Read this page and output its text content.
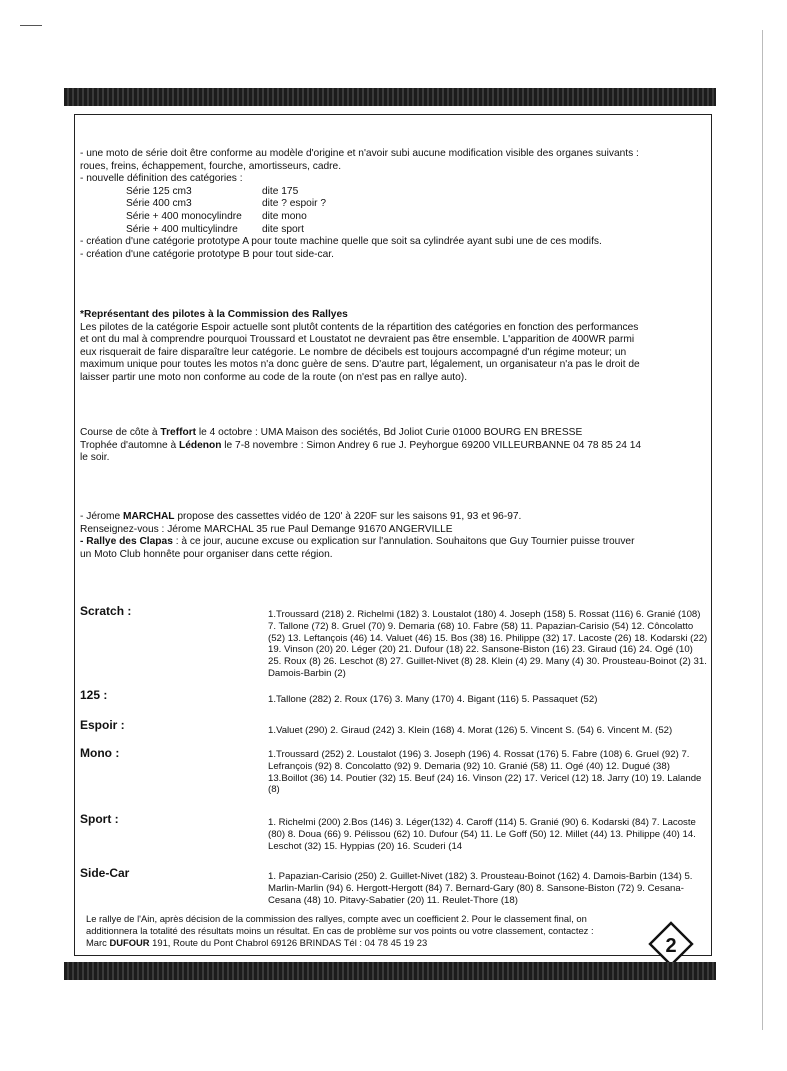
- une moto de série doit être conforme au modèle d'origine et n'avoir subi aucune modification visible des organes suivants :
roues, freins, échappement, fourche, amortisseurs, cadre.
- nouvelle définition des catégories :
Série 125 cm3	dite 175
Série 400 cm3	dite ? espoir ?
Série + 400 monocylindre dite mono
Série + 400 multicylindre dite sport
- création d'une catégorie prototype A pour toute machine quelle que soit sa cylindrée ayant subi une de ces modifs.
- création d'une catégorie prototype B pour tout side-car.
*Représentant des pilotes à la Commission des Rallyes
Les pilotes de la catégorie Espoir actuelle sont plutôt contents de la répartition des catégories en fonction des performances
et ont du mal à comprendre pourquoi Troussard et Loustatot ne devraient pas être ensemble. L'apparition de 400WR parmi
eux risquerait de faire disparaître leur catégorie. Le nombre de décibels est toujours accompagné d'un régime moteur; un
maximum unique pour toutes les motos n'a donc guère de sens. D'autre part, légalement, un organisateur n'a pas le droit de
laisser partir une moto non conforme au code de la route (on n'est pas en rallye auto).
Course de côte à Treffort le 4 octobre : UMA Maison des sociétés, Bd Joliot Curie 01000 BOURG EN BRESSE
Trophée d'automne à Lédenon le 7-8 novembre : Simon Andrey 6 rue J. Peyhorgue 69200 VILLEURBANNE 04 78 85 24 14
le soir.
- Jérome MARCHAL propose des cassettes vidéo de 120' à 220F sur les saisons 91, 93 et 96-97.
Renseignez-vous : Jérome MARCHAL 35 rue Paul Demange 91670 ANGERVILLE
- Rallye des Clapas : à ce jour, aucune excuse ou explication sur l'annulation. Souhaitons que Guy Tournier puisse trouver
un Moto Club honnête pour organiser dans cette région.
Scratch :	1.Troussard (218) 2. Richelmi (182) 3. Loustalot (180) 4. Joseph (158) 5. Rossat (116) 6. Granié (108) 7. Tallone (72) 8. Gruel (70) 9. Demaria (68) 10. Fabre (58) 11. Papazian-Carisio (54) 12. Côncolatto (52) 13. Leftançois (46) 14. Valuet (46) 15. Bos (38) 16. Philippe (32) 17. Lacoste (26) 18. Kodarski (22) 19. Vinson (20) 20. Léger (20) 21. Dufour (18) 22. Sansone-Biston (16) 23. Giraud (16) 24. Ogé (10) 25. Roux (8) 26. Leschot (8) 27. Guillet-Nivet (8) 28. Klein (4) 29. Many (4) 30. Prousteau-Boinot (2) 31. Damois-Barbin (2)
125 :	1.Tallone (282) 2. Roux (176) 3. Many (170) 4. Bigant (116) 5. Passaquet (52)
Espoir :	1.Valuet (290) 2. Giraud (242) 3. Klein (168) 4. Morat (126) 5. Vincent S. (54) 6. Vincent M. (52)
Mono :	1.Troussard (252) 2. Loustalot (196) 3. Joseph (196) 4. Rossat (176) 5. Fabre (108) 6. Gruel (92) 7. Lefrançois (92) 8. Concolatto (92) 9. Demaria (92) 10. Granié (58) 11. Ogé (40) 12. Dugué (38) 13.Boillot (36) 14. Poutier (32) 15. Beuf (24) 16. Vinson (22) 17. Vericel (12) 18. Jarry (10) 19. Lalande (8)
Sport :	1. Richelmi (200) 2.Bos (146) 3. Léger(132) 4. Caroff (114) 5. Granié (90) 6. Kodarski (84) 7. Lacoste (80) 8. Doua (66) 9. Pélissou (62) 10. Dufour (54) 11. Le Goff (50) 12. Millet (44) 13. Philippe (40) 14. Leschot (32) 15. Hyppias (20) 16. Scuderi (14
Side-Car	1. Papazian-Carisio (250) 2. Guillet-Nivet (182) 3. Prousteau-Boinot (162) 4. Damois-Barbin (134) 5. Marlin-Marlin (94) 6. Hergott-Hergott (84) 7. Bernard-Gary (80) 8. Sansone-Biston (72) 9. Cesana-Cesana (48) 10. Pitavy-Sabatier (20) 11. Reulet-Thore (18)
Le rallye de l'Ain, après décision de la commission des rallyes, compte avec un coefficient 2. Pour le classement final, on
additionnera la totalité des résultats moins un résultat. En cas de problème sur vos points ou votre classement, contactez :
Marc DUFOUR 191, Route du Pont Chabrol 69126 BRINDAS Tél : 04 78 45 19 23	2
